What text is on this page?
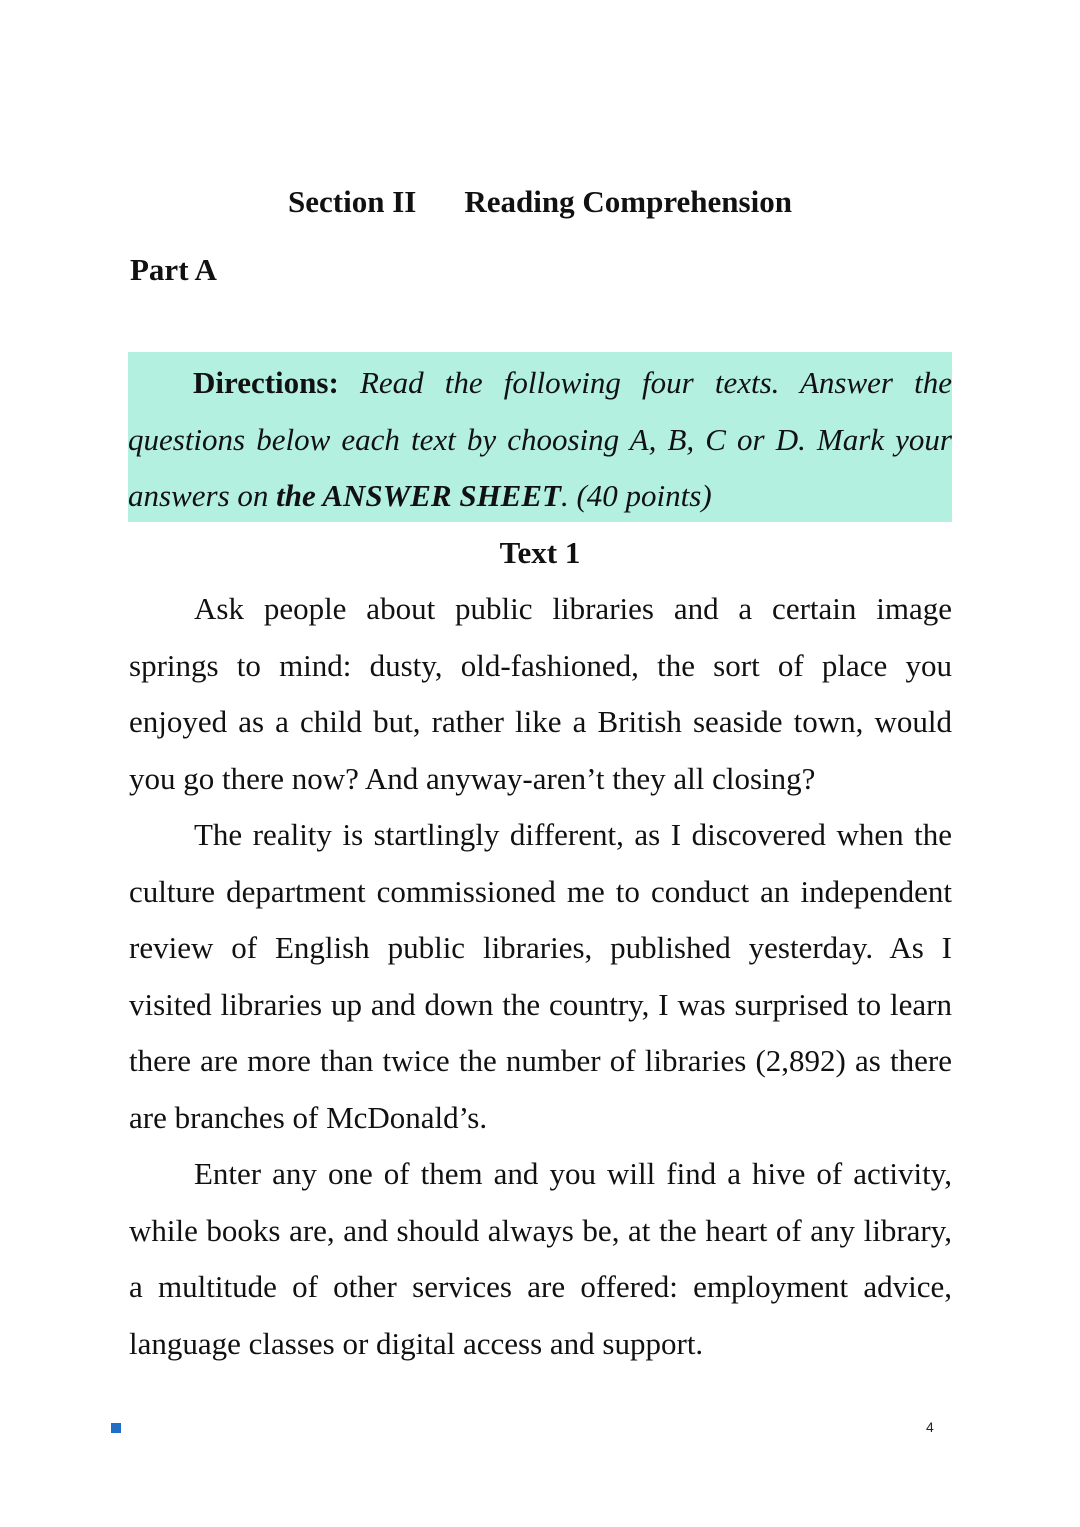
Section II Reading Comprehension
Part A

Directions: Read the following four texts. Answer the questions below each text by choosing A, B, C or D. Mark your answers on the ANSWER SHEET. (40 points)

Text 1

Ask people about public libraries and a certain image springs to mind: dusty, old-fashioned, the sort of place you enjoyed as a child but, rather like a British seaside town, would you go there now? And anyway-aren’t they all closing?

The reality is startlingly different, as I discovered when the culture department commissioned me to conduct an independent review of English public libraries, published yesterday. As I visited libraries up and down the country, I was surprised to learn there are more than twice the number of libraries (2,892) as there are branches of McDonald’s.

Enter any one of them and you will find a hive of activity, while books are, and should always be, at the heart of any library, a multitude of other services are offered: employment advice, language classes or digital access and support.

4
